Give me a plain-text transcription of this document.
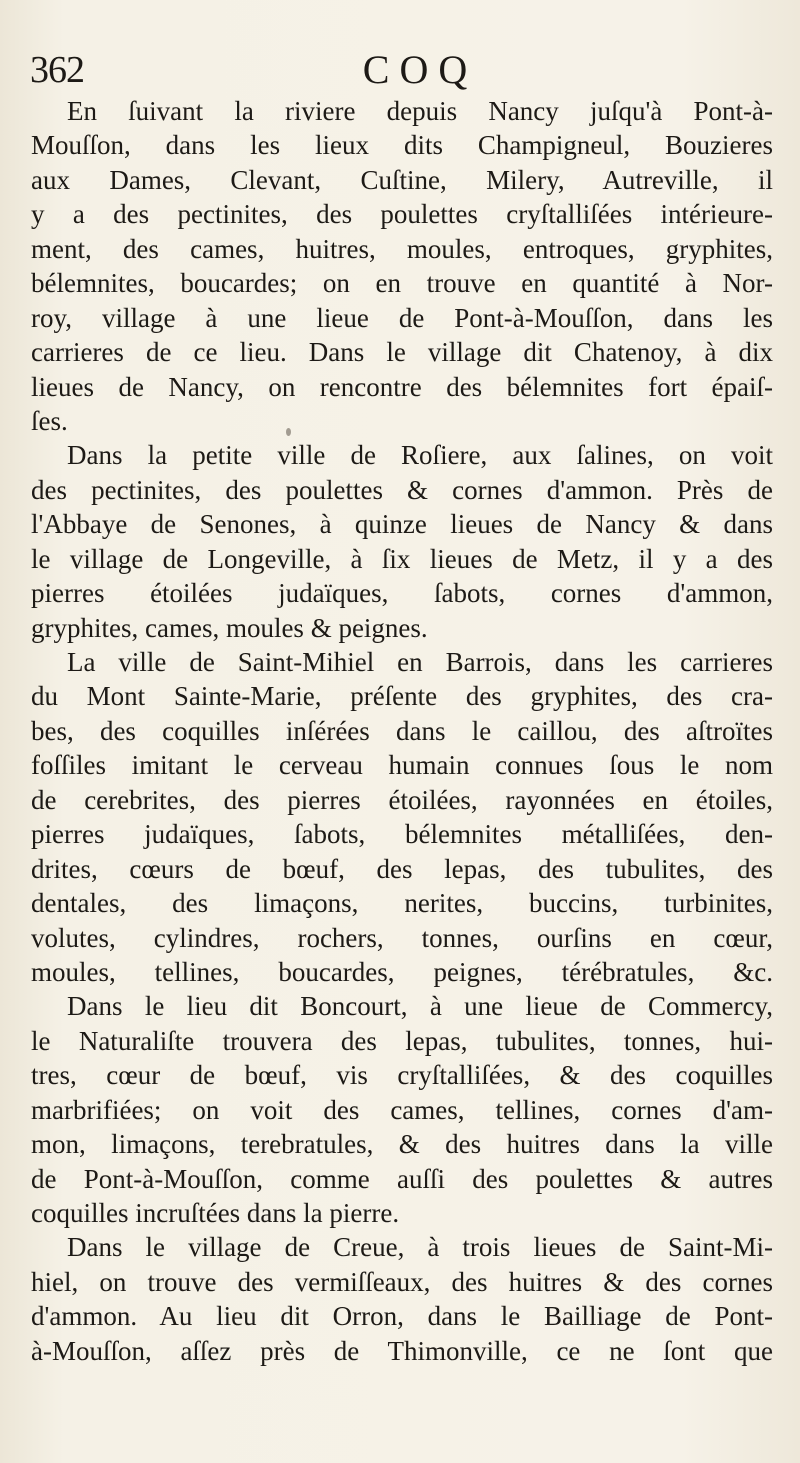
362	COQ
En ſuivant la riviere depuis Nancy juſqu'à Pont-à-
Mouſſon, dans les lieux dits Champigneul, Bouzieres
aux Dames, Clevant, Cuſtine, Milery, Autreville, il
y a des pectinites, des poulettes cryſtalliſées intérieure-
ment, des cames, huitres, moules, entroques, gryphites,
bélemnites, boucardes; on en trouve en quantité à Nor-
roy, village à une lieue de Pont-à-Mouſſon, dans les
carrieres de ce lieu. Dans le village dit Chatenoy, à dix
lieues de Nancy, on rencontre des bélemnites fort épaiſ-
ſes.
Dans la petite ville de Roſiere, aux ſalines, on voit
des pectinites, des poulettes & cornes d'ammon. Près de
l'Abbaye de Senones, à quinze lieues de Nancy & dans
le village de Longeville, à ſix lieues de Metz, il y a des
pierres étoilées judaïques, ſabots, cornes d'ammon,
gryphites, cames, moules & peignes.
La ville de Saint-Mihiel en Barrois, dans les carrieres
du Mont Sainte-Marie, préſente des gryphites, des cra-
bes, des coquilles inſérées dans le caillou, des aſtroïtes
foſſiles imitant le cerveau humain connues ſous le nom
de cerebrites, des pierres étoilées, rayonnées en étoiles,
pierres judaïques, ſabots, bélemnites métalliſées, den-
drites, cœurs de bœuf, des lepas, des tubulites, des
dentales, des limaçons, nerites, buccins, turbinites,
volutes, cylindres, rochers, tonnes, ourſins en cœur,
moules, tellines, boucardes, peignes, térébratules, &c.
Dans le lieu dit Boncourt, à une lieue de Commercy,
le Naturaliſte trouvera des lepas, tubulites, tonnes, hui-
tres, cœur de bœuf, vis cryſtalliſées, & des coquilles
marbrifiées; on voit des cames, tellines, cornes d'am-
mon, limaçons, terebratules, & des huitres dans la ville
de Pont-à-Mouſſon, comme auſſi des poulettes & autres
coquilles incruſtées dans la pierre.
Dans le village de Creue, à trois lieues de Saint-Mi-
hiel, on trouve des vermiſſeaux, des huitres & des cornes
d'ammon. Au lieu dit Orron, dans le Bailliage de Pont-
à-Mouſſon, aſſez près de Thimonville, ce ne ſont que
